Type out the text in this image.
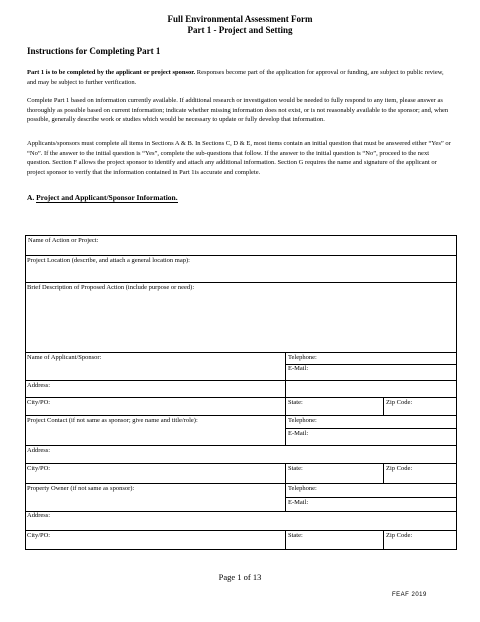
Full Environmental Assessment Form
Part 1 - Project and Setting
Instructions for Completing Part 1
Part 1 is to be completed by the applicant or project sponsor. Responses become part of the application for approval or funding, are subject to public review, and may be subject to further verification.
Complete Part 1 based on information currently available. If additional research or investigation would be needed to fully respond to any item, please answer as thoroughly as possible based on current information; indicate whether missing information does not exist, or is not reasonably available to the sponsor; and, when possible, generally describe work or studies which would be necessary to update or fully develop that information.
Applicants/sponsors must complete all items in Sections A & B. In Sections C, D & E, most items contain an initial question that must be answered either “Yes” or “No”. If the answer to the initial question is “Yes”, complete the sub-questions that follow. If the answer to the initial question is “No”, proceed to the next question. Section F allows the project sponsor to identify and attach any additional information. Section G requires the name and signature of the applicant or project sponsor to verify that the information contained in Part 1is accurate and complete.
A. Project and Applicant/Sponsor Information.
Name of Action or Project:
Project Location (describe, and attach a general location map):
Brief Description of Proposed Action (include purpose or need):
Name of Applicant/Sponsor:	Telephone:
E-Mail:
Address:
City/PO:	State:	Zip Code:
Project Contact (if not same as sponsor; give name and title/role):	Telephone:
E-Mail:
Address:
City/PO:	State:	Zip Code:
Property Owner (if not same as sponsor):	Telephone:
E-Mail:
Address:
City/PO:	State:	Zip Code:
Page 1 of 13
FEAF 2019
